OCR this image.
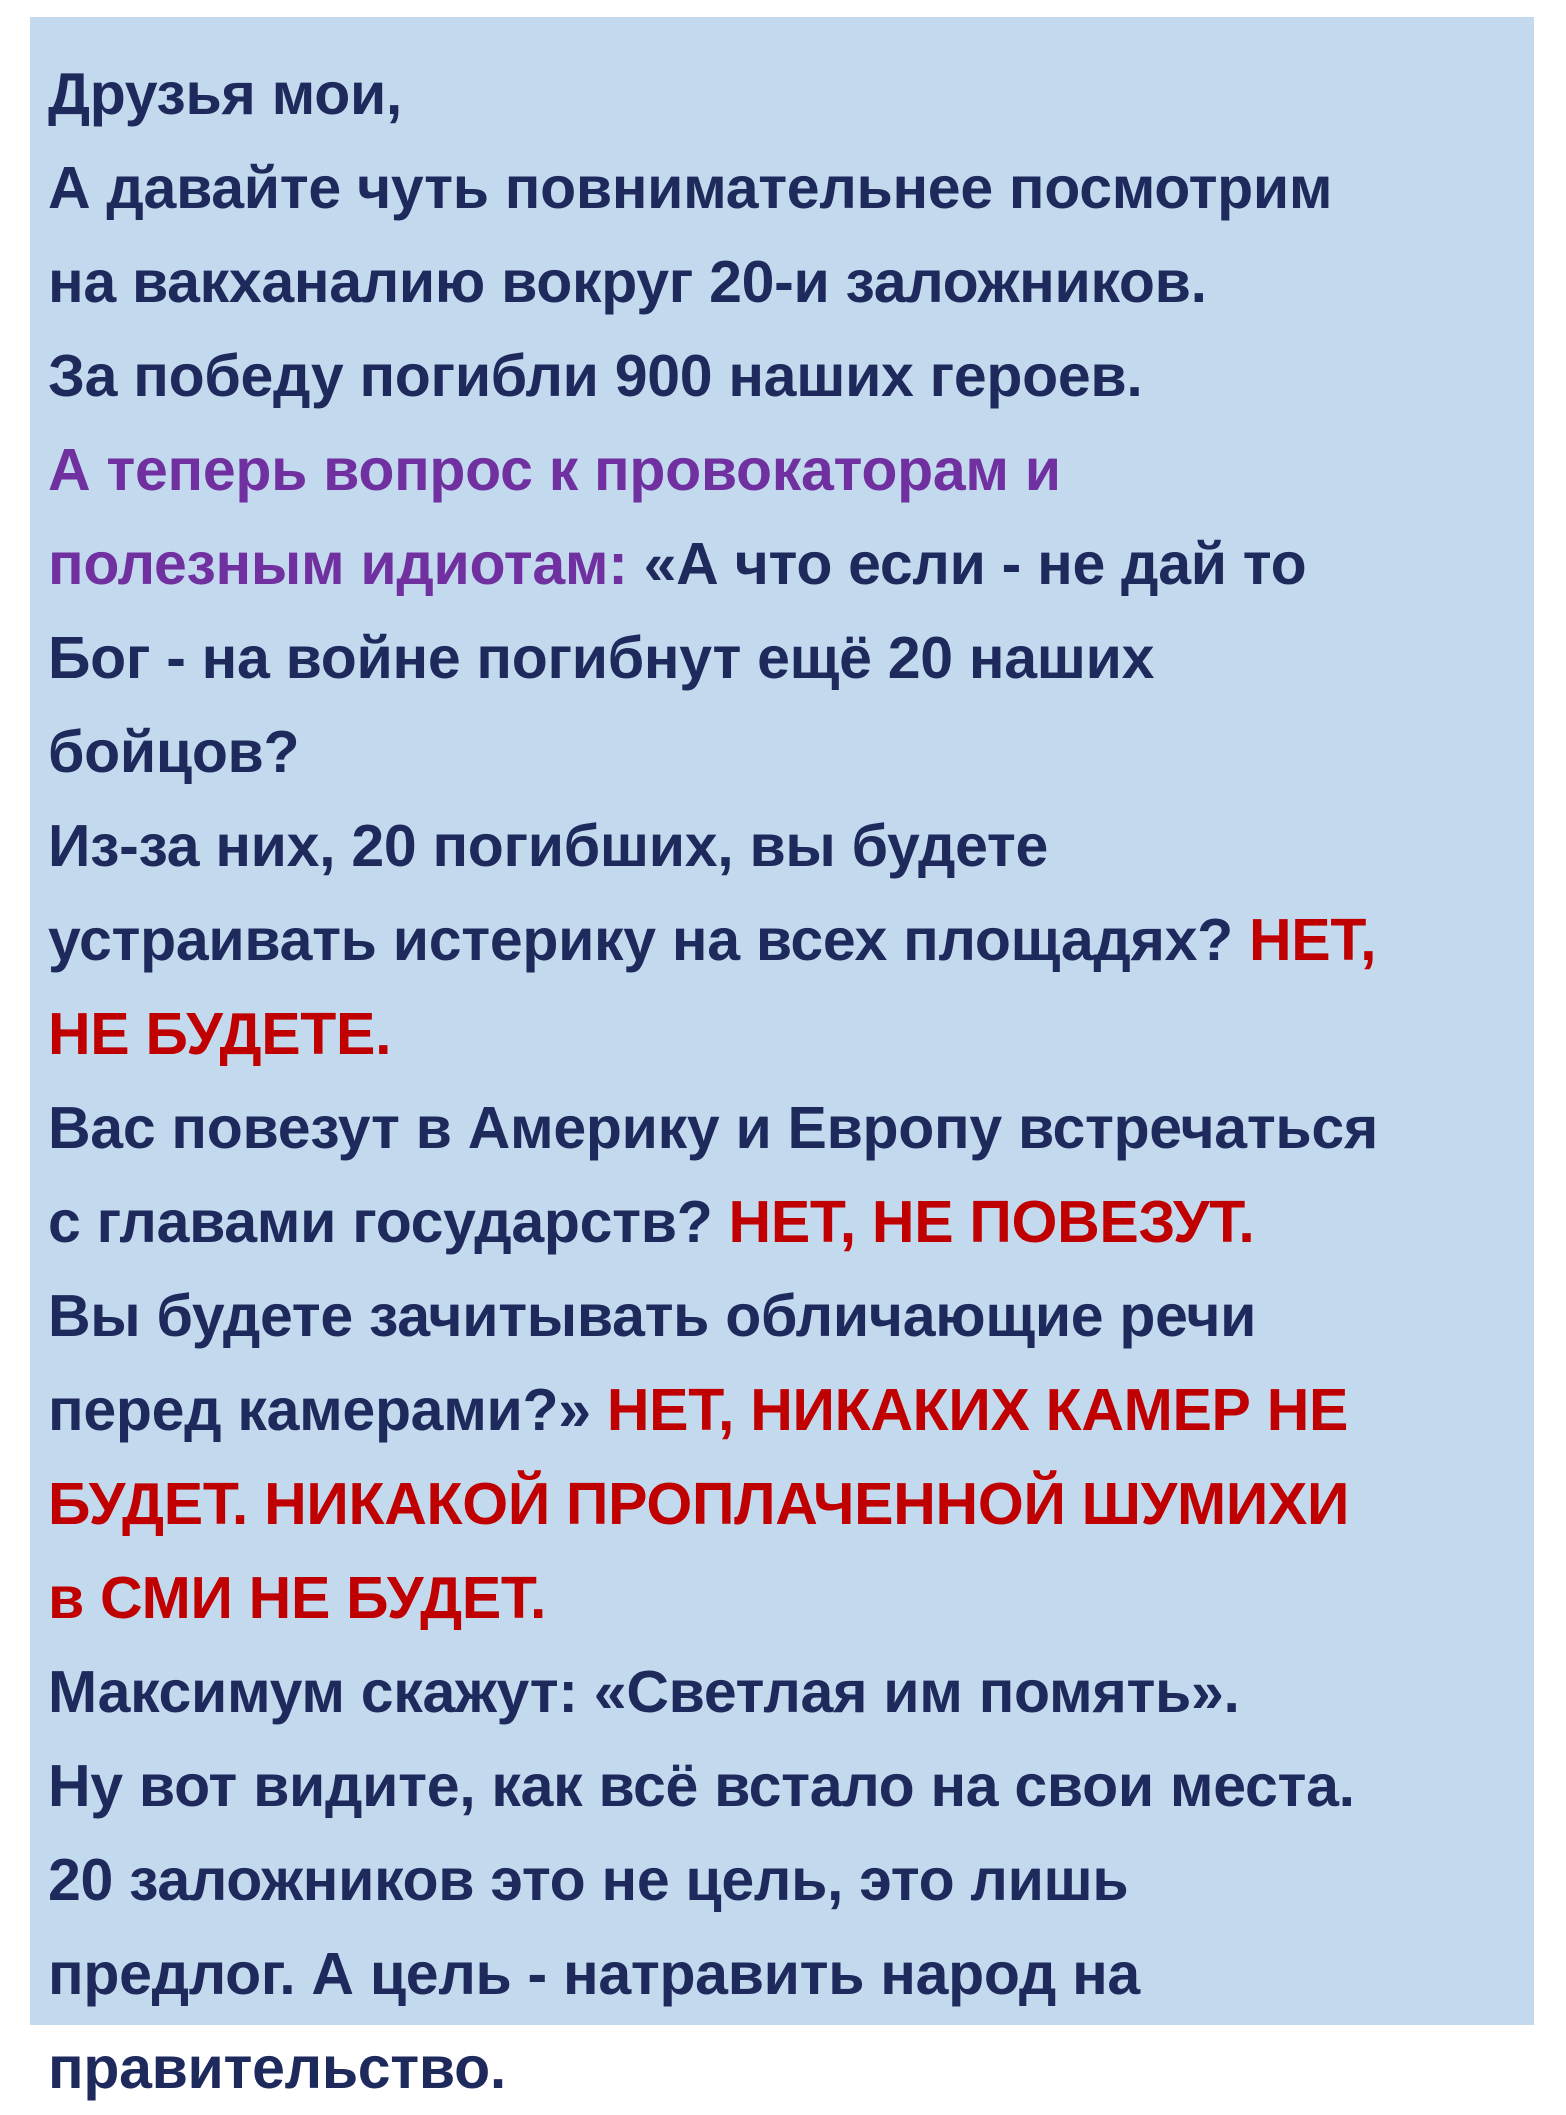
Друзья мои,
А давайте чуть повнимательнее посмотрим
на вакханалию вокруг 20-и заложников.
За победу погибли 900 наших героев.
А теперь вопрос к провокаторам и
полезным идиотам: «А что если - не дай то
Бог - на войне погибнут ещё 20 наших
бойцов?
Из-за них, 20 погибших, вы будете
устраивать истерику на всех площадях? НЕТ,
НЕ БУДЕТЕ.
Вас повезут в Америку и Европу встречаться
с главами государств? НЕТ, НЕ ПОВЕЗУТ.
Вы будете зачитывать обличающие речи
перед камерами?» НЕТ, НИКАКИХ КАМЕР НЕ
БУДЕТ. НИКАКОЙ ПРОПЛАЧЕННОЙ ШУМИХИ
в СМИ НЕ БУДЕТ.
Максимум скажут: «Светлая им помять».
Ну вот видите, как всё встало на свои места.
20 заложников это не цель, это лишь
предлог. А цель - натравить народ на
правительство.
